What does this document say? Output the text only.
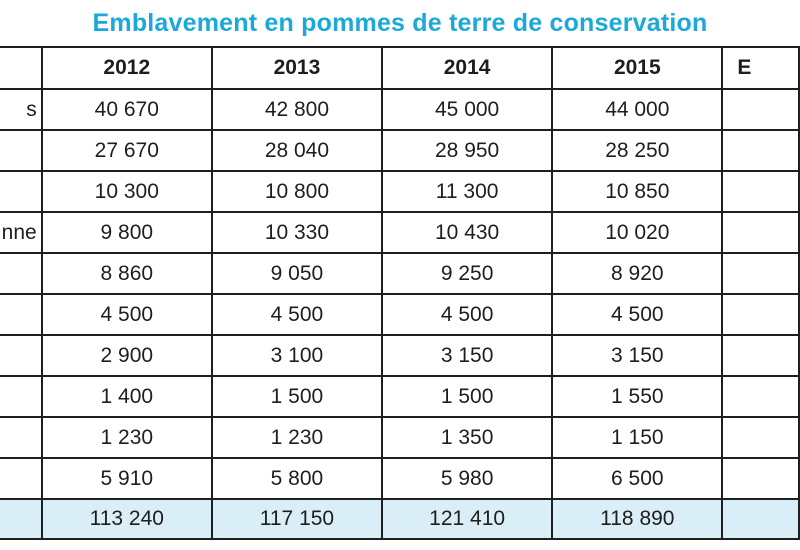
Emblavement en pommes de terre de conservation
	2012	2013	2014	2015	E
s	40 670	42 800	45 000	44 000	
	27 670	28 040	28 950	28 250	
	10 300	10 800	11 300	10 850	
nne	9 800	10 330	10 430	10 020	
	8 860	9 050	9 250	8 920	
	4 500	4 500	4 500	4 500	
	2 900	3 100	3 150	3 150	
	1 400	1 500	1 500	1 550	
	1 230	1 230	1 350	1 150	
	5 910	5 800	5 980	6 500	
	113 240	117 150	121 410	118 890	
